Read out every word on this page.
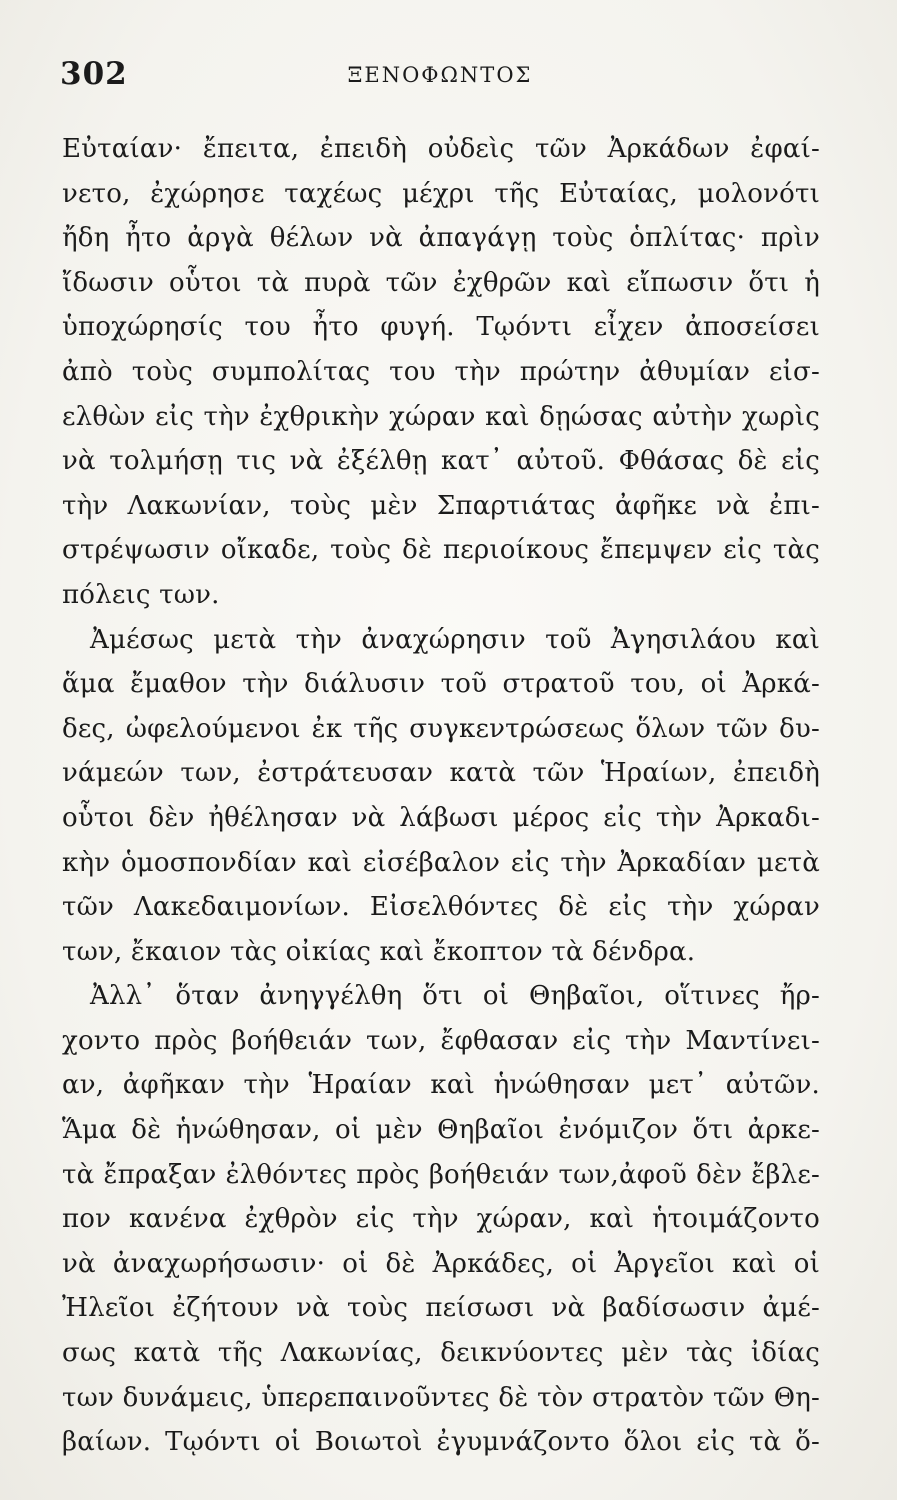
302	ΞΕΝΟΦΩΝΤΟΣ
Εὐταίαν· ἔπειτα, ἐπειδὴ οὐδεὶς τῶν Ἀρκάδων ἐφαί-
νετο, ἐχώρησε ταχέως μέχρι τῆς Εὐταίας, μολονότι
ἤδη ἦτο ἀργὰ θέλων νὰ ἀπαγάγῃ τοὺς ὁπλίτας· πρὶν
ἴδωσιν οὗτοι τὰ πυρὰ τῶν ἐχθρῶν καὶ εἴπωσιν ὅτι ἡ
ὑποχώρησίς του ἦτο φυγή. Τῳόντι εἶχεν ἀποσείσει
ἀπὸ τοὺς συμπολίτας του τὴν πρώτην ἀθυμίαν εἰσ-
ελθὼν εἰς τὴν ἐχθρικὴν χώραν καὶ δῃώσας αὐτὴν χωρὶς
νὰ τολμήσῃ τις νὰ ἐξέλθῃ κατ᾽ αὐτοῦ. Φθάσας δὲ εἰς
τὴν Λακωνίαν, τοὺς μὲν Σπαρτιάτας ἀφῆκε νὰ ἐπι-
στρέψωσιν οἴκαδε, τοὺς δὲ περιοίκους ἔπεμψεν εἰς τὰς
πόλεις των.
Ἀμέσως μετὰ τὴν ἀναχώρησιν τοῦ Ἀγησιλάου καὶ
ἅμα ἔμαθον τὴν διάλυσιν τοῦ στρατοῦ του, οἱ Ἀρκά-
δες, ὠφελούμενοι ἐκ τῆς συγκεντρώσεως ὅλων τῶν δυ-
νάμεών των, ἐστράτευσαν κατὰ τῶν Ἡραίων, ἐπειδὴ
οὗτοι δὲν ἠθέλησαν νὰ λάβωσι μέρος εἰς τὴν Ἀρκαδι-
κὴν ὁμοσπονδίαν καὶ εἰσέβαλον εἰς τὴν Ἀρκαδίαν μετὰ
τῶν Λακεδαιμονίων. Εἰσελθόντες δὲ εἰς τὴν χώραν
των, ἔκαιον τὰς οἰκίας καὶ ἔκοπτον τὰ δένδρα.
Ἀλλ᾽ ὅταν ἀνηγγέλθη ὅτι οἱ Θηβαῖοι, οἵτινες ἤρ-
χοντο πρὸς βοήθειάν των, ἔφθασαν εἰς τὴν Μαντίνει-
αν, ἀφῆκαν τὴν Ἡραίαν καὶ ἡνώθησαν μετ᾽ αὐτῶν.
Ἅμα δὲ ἡνώθησαν, οἱ μὲν Θηβαῖοι ἐνόμιζον ὅτι ἀρκε-
τὰ ἔπραξαν ἐλθόντες πρὸς βοήθειάν των,ἀφοῦ δὲν ἔβλε-
πον κανένα ἐχθρὸν εἰς τὴν χώραν, καὶ ἡτοιμάζοντο
νὰ ἀναχωρήσωσιν· οἱ δὲ Ἀρκάδες, οἱ Ἀργεῖοι καὶ οἱ
Ἠλεῖοι ἐζήτουν νὰ τοὺς πείσωσι νὰ βαδίσωσιν ἀμέ-
σως κατὰ τῆς Λακωνίας, δεικνύοντες μὲν τὰς ἰδίας
των δυνάμεις, ὑπερεπαινοῦντες δὲ τὸν στρατὸν τῶν Θη-
βαίων. Τῳόντι οἱ Βοιωτοὶ ἐγυμνάζοντο ὅλοι εἰς τὰ ὅ-
